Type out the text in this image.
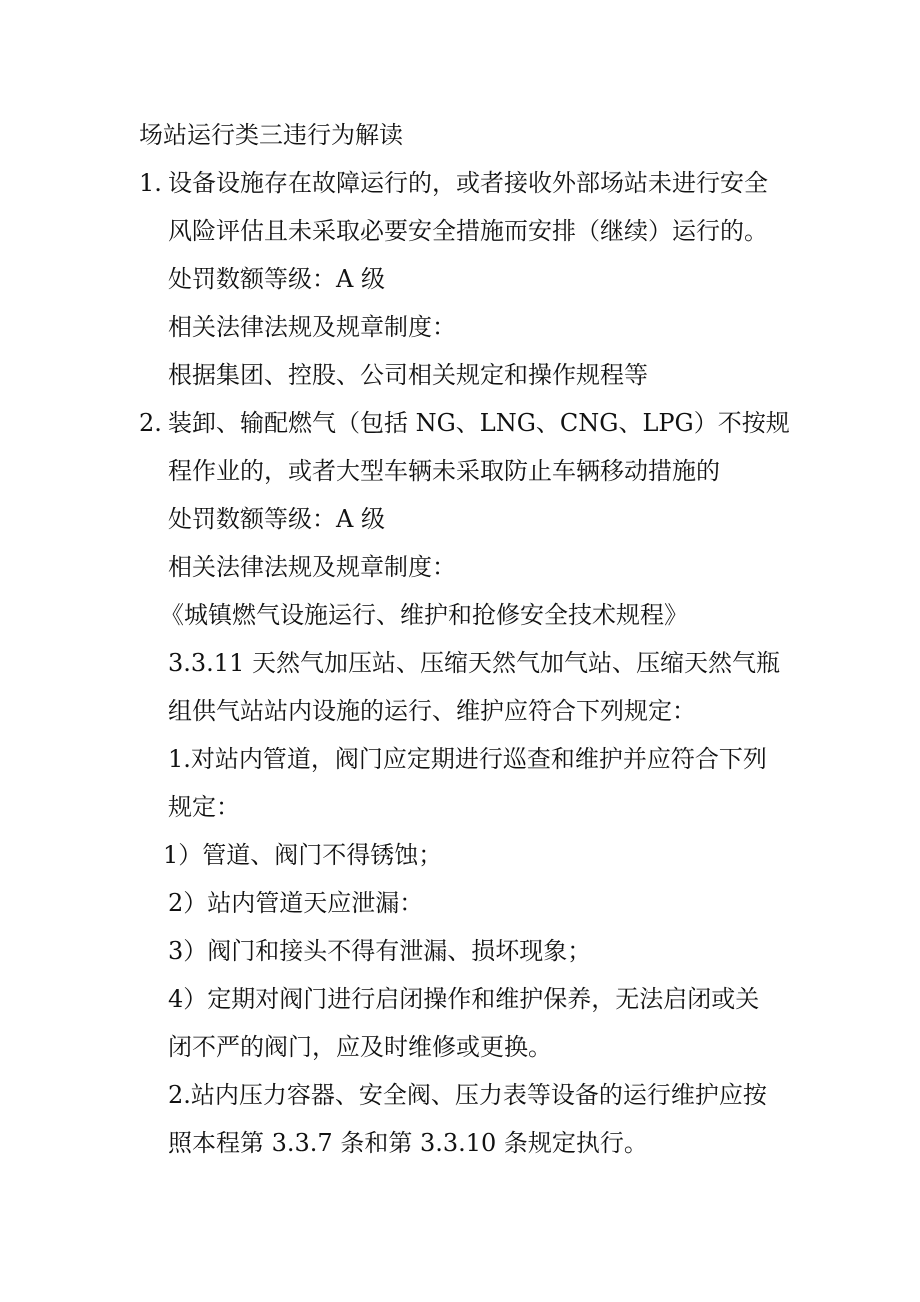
场站运行类三违行为解读
1. 设备设施存在故障运行的，或者接收外部场站未进行安全
风险评估且未采取必要安全措施而安排（继续）运行的。
处罚数额等级：A 级
相关法律法规及规章制度：
根据集团、控股、公司相关规定和操作规程等
2. 装卸、输配燃气（包括 NG、LNG、CNG、LPG）不按规
程作业的，或者大型车辆未采取防止车辆移动措施的
处罚数额等级：A 级
相关法律法规及规章制度：
《城镇燃气设施运行、维护和抢修安全技术规程》
3.3.11 天然气加压站、压缩天然气加气站、压缩天然气瓶
组供气站站内设施的运行、维护应符合下列规定：
1.对站内管道，阀门应定期进行巡查和维护并应符合下列
规定：
1）管道、阀门不得锈蚀；
2）站内管道天应泄漏：
3）阀门和接头不得有泄漏、损坏现象；
4）定期对阀门进行启闭操作和维护保养，无法启闭或关
闭不严的阀门，应及时维修或更换。
2.站内压力容器、安全阀、压力表等设备的运行维护应按
照本程第 3.3.7 条和第 3.3.10 条规定执行。
